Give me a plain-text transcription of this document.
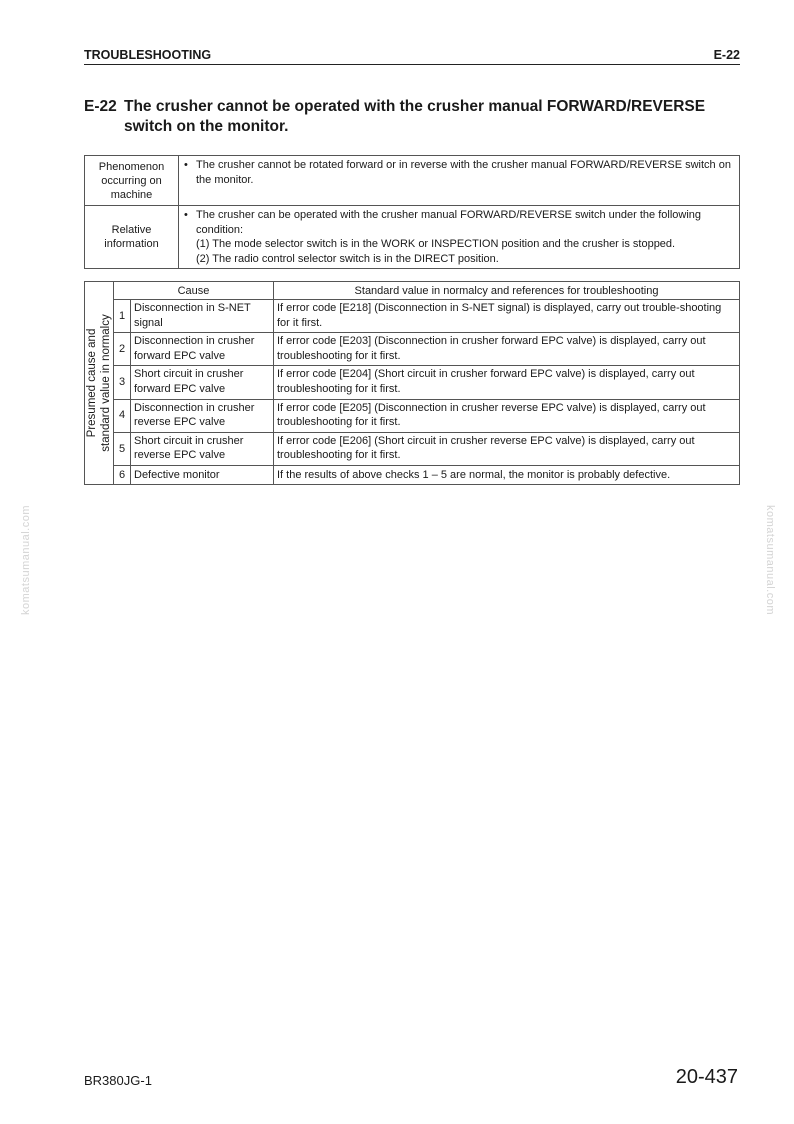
TROUBLESHOOTING	E-22
E-22 The crusher cannot be operated with the crusher manual FORWARD/REVERSE switch on the monitor.
Phenomenon occurring on machine	• The crusher cannot be rotated forward or in reverse with the crusher manual FORWARD/REVERSE switch on the monitor.

Relative information	• The crusher can be operated with the crusher manual FORWARD/REVERSE switch under the following condition:
(1) The mode selector switch is in the WORK or INSPECTION position and the crusher is stopped.
(2) The radio control selector switch is in the DIRECT position.
Presumed cause and standard value in normalcy	Cause		Standard value in normalcy and references for troubleshooting
	1	Disconnection in S-NET signal	If error code [E218] (Disconnection in S-NET signal) is displayed, carry out trouble-shooting for it first.
	2	Disconnection in crusher forward EPC valve	If error code [E203] (Disconnection in crusher forward EPC valve) is displayed, carry out troubleshooting for it first.
	3	Short circuit in crusher forward EPC valve	If error code [E204] (Short circuit in crusher forward EPC valve) is displayed, carry out troubleshooting for it first.
	4	Disconnection in crusher reverse EPC valve	If error code [E205] (Disconnection in crusher reverse EPC valve) is displayed, carry out troubleshooting for it first.
	5	Short circuit in crusher reverse EPC valve	If error code [E206] (Short circuit in crusher reverse EPC valve) is displayed, carry out troubleshooting for it first.
	6	Defective monitor	If the results of above checks 1 – 5 are normal, the monitor is probably defective.
komatsumanual.com	komatsumanual.com
BR380JG-1	20-437
